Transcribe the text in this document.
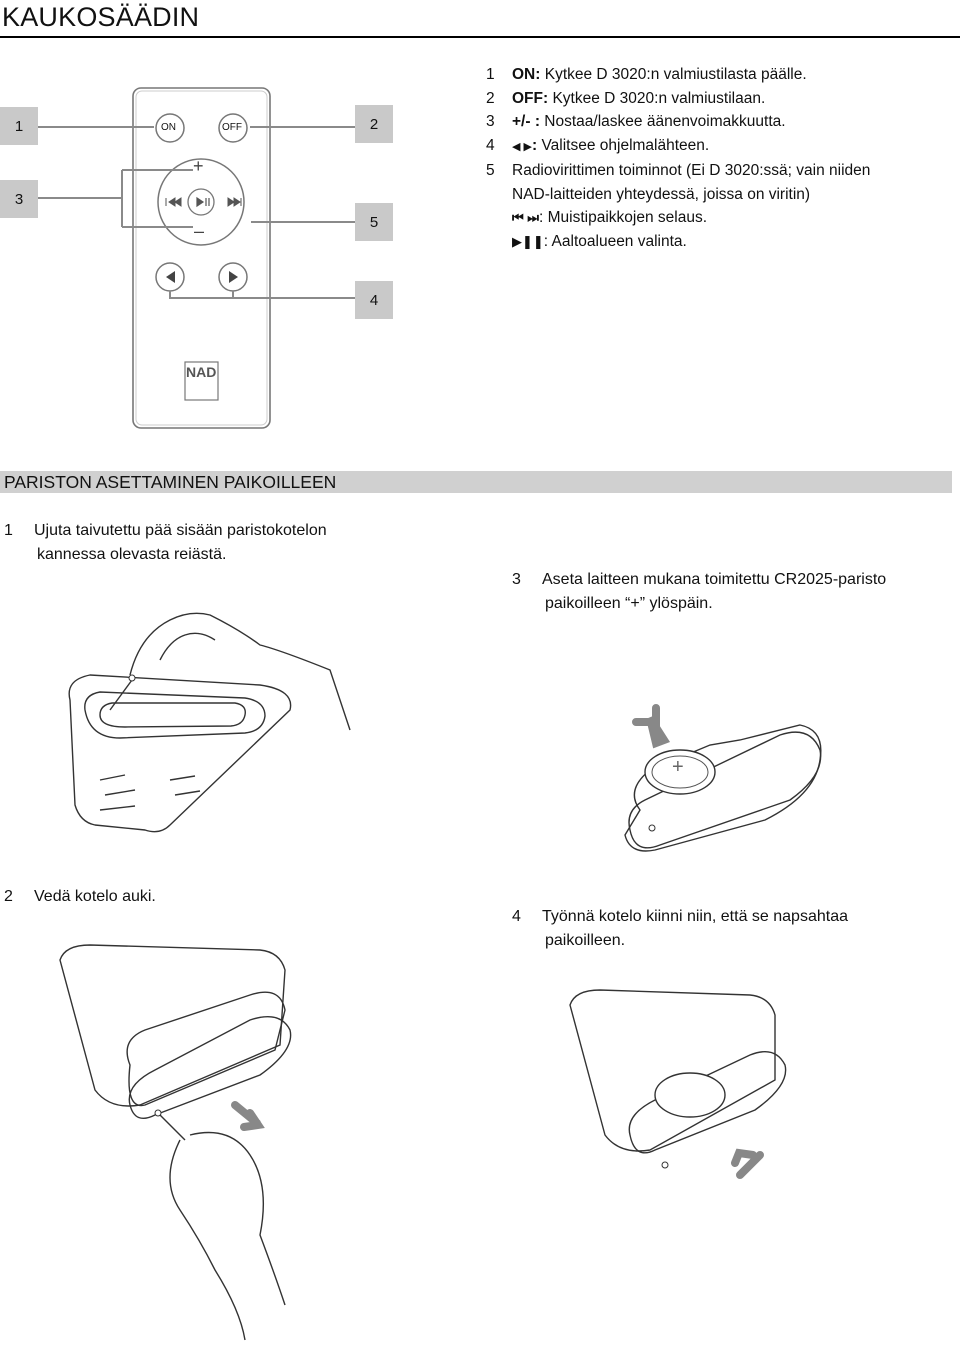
KAUKOSÄÄDIN
ON	OFF
+
–
NAD
1	2
3
5
4
1 ON: Kytkee D 3020:n valmiustilasta päälle.
2 OFF: Kytkee D 3020:n valmiustilaan.
3 +/- : Nostaa/laskee äänenvoimakkuutta.
4 ◀ ▶: Valitsee ohjelmalähteen.
5 Radiovirittimen toiminnot (Ei D 3020:ssä; vain niiden
NAD-laitteiden yhteydessä, joissa on viritin)
⏮ ⏭: Muistipaikkojen selaus.
▶❚❚: Aaltoalueen valinta.
PARISTON ASETTAMINEN PAIKOILLEEN
1 Ujuta taivutettu pää sisään paristokotelon
kannessa olevasta reiästä.
3 Aseta laitteen mukana toimitettu CR2025-paristo
paikoilleen “+” ylöspäin.
2 Vedä kotelo auki.
4 Työnnä kotelo kiinni niin, että se napsahtaa
paikoilleen.
+
